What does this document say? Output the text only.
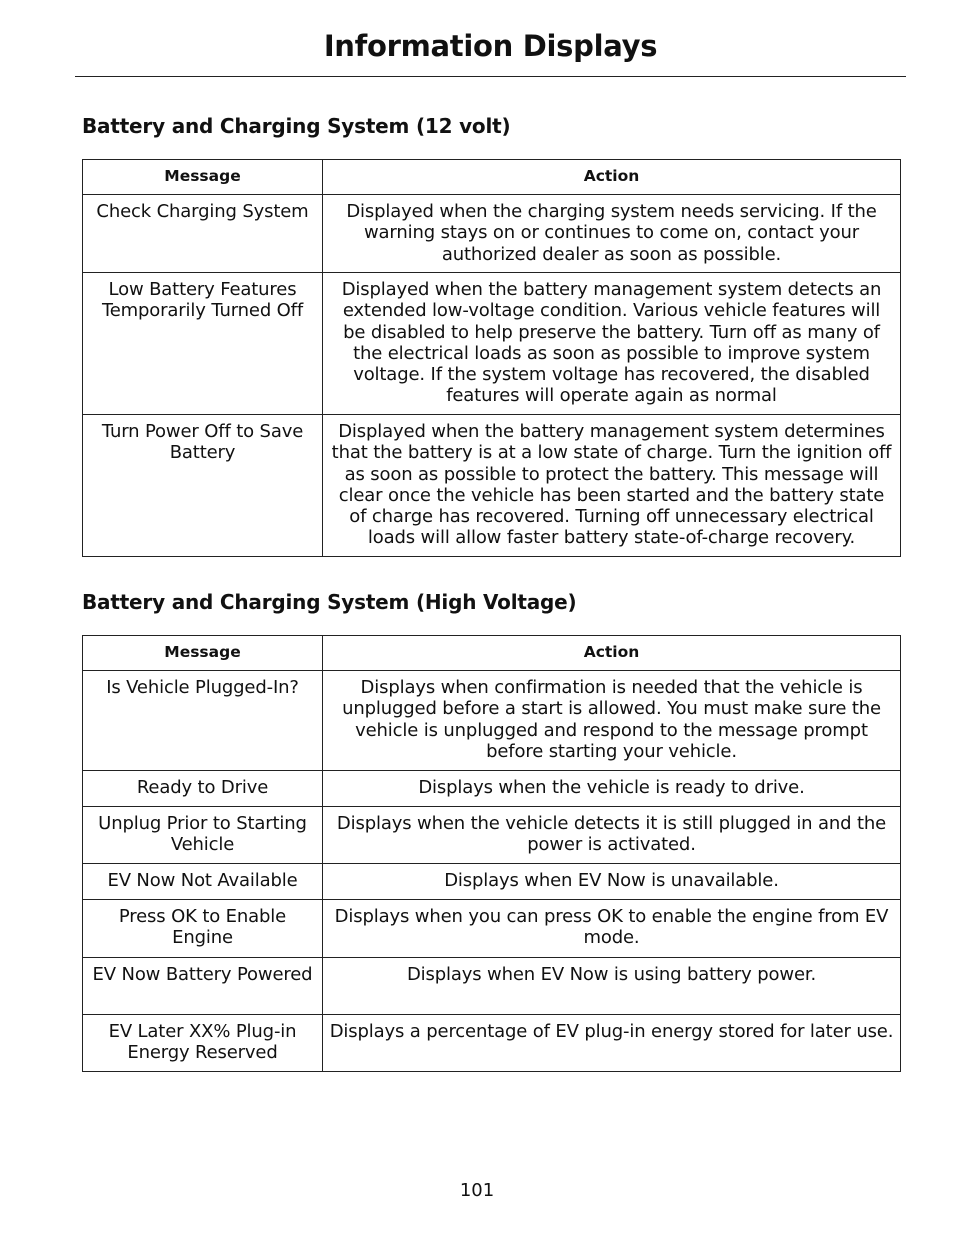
Information Displays
Battery and Charging System (12 volt)
Message	Action
Check Charging System	Displayed when the charging system needs servicing. If the warning stays on or continues to come on, contact your authorized dealer as soon as possible.
Low Battery Features Temporarily Turned Off	Displayed when the battery management system detects an extended low-voltage condition. Various vehicle features will be disabled to help preserve the battery. Turn off as many of the electrical loads as soon as possible to improve system voltage. If the system voltage has recovered, the disabled features will operate again as normal
Turn Power Off to Save Battery	Displayed when the battery management system determines that the battery is at a low state of charge. Turn the ignition off as soon as possible to protect the battery. This message will clear once the vehicle has been started and the battery state of charge has recovered. Turning off unnecessary electrical loads will allow faster battery state-of-charge recovery.
Battery and Charging System (High Voltage)
Message	Action
Is Vehicle Plugged-In?	Displays when confirmation is needed that the vehicle is unplugged before a start is allowed. You must make sure the vehicle is unplugged and respond to the message prompt before starting your vehicle.
Ready to Drive	Displays when the vehicle is ready to drive.
Unplug Prior to Starting Vehicle	Displays when the vehicle detects it is still plugged in and the power is activated.
EV Now Not Available	Displays when EV Now is unavailable.
Press OK to Enable Engine	Displays when you can press OK to enable the engine from EV mode.
EV Now Battery Powered	Displays when EV Now is using battery power.
EV Later XX% Plug-in Energy Reserved	Displays a percentage of EV plug-in energy stored for later use.
101
